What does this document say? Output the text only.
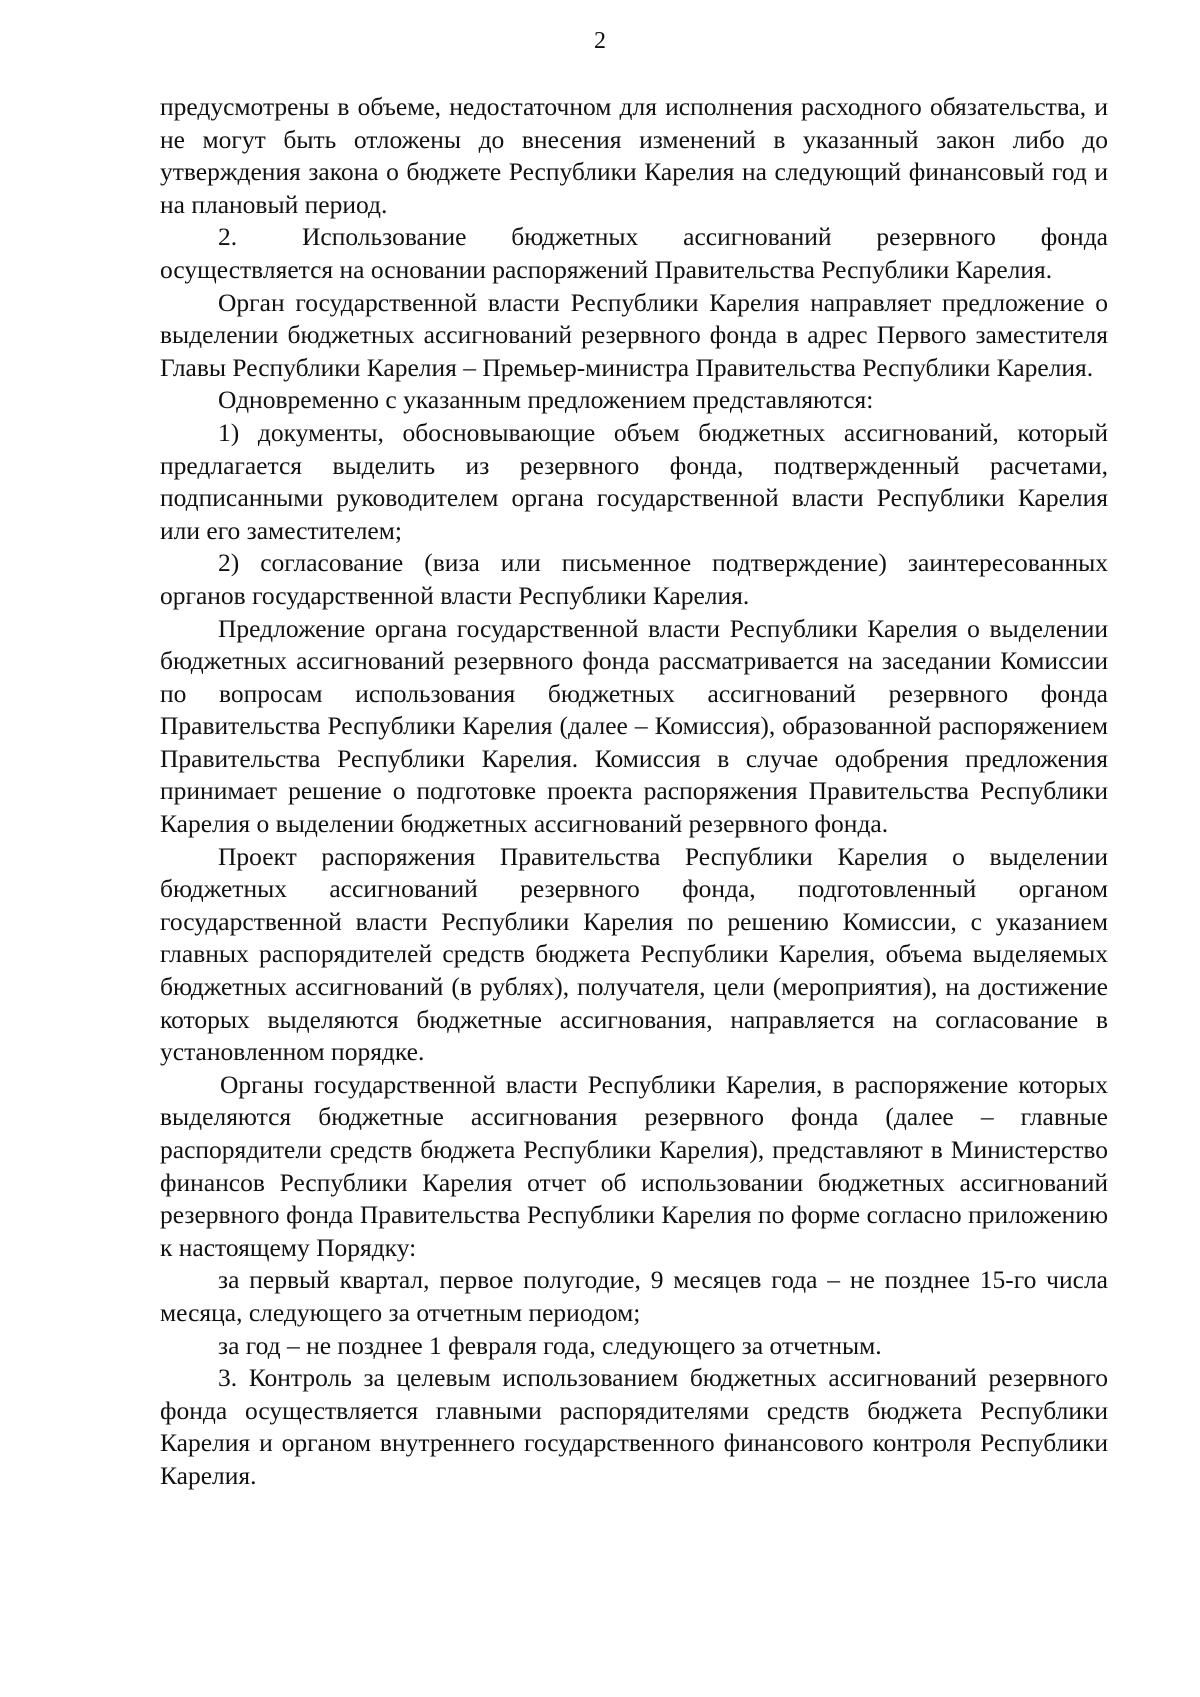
2

предусмотрены в объеме, недостаточном для исполнения расходного обязательства, и не могут быть отложены до внесения изменений в указанный закон либо до утверждения закона о бюджете Республики Карелия на следующий финансовый год и на плановый период.

2.	Использование бюджетных ассигнований резервного фонда осуществляется на основании распоряжений Правительства Республики Карелия.

Орган государственной власти Республики Карелия направляет предложение о выделении бюджетных ассигнований резервного фонда в адрес Первого заместителя Главы Республики Карелия – Премьер-министра Правительства Республики Карелия.

Одновременно с указанным предложением представляются:

1) документы, обосновывающие объем бюджетных ассигнований, который предлагается выделить из резервного фонда, подтвержденный расчетами, подписанными руководителем органа государственной власти Республики Карелия или его заместителем;

2) согласование (виза или письменное подтверждение) заинтересованных органов государственной власти Республики Карелия.

Предложение органа государственной власти Республики Карелия о выделении бюджетных ассигнований резервного фонда рассматривается на заседании Комиссии по вопросам использования бюджетных ассигнований резервного фонда Правительства Республики Карелия (далее – Комиссия), образованной распоряжением Правительства Республики Карелия. Комиссия в случае одобрения предложения принимает решение о подготовке проекта распоряжения Правительства Республики Карелия о выделении бюджетных ассигнований резервного фонда.

Проект распоряжения Правительства Республики Карелия о выделении бюджетных ассигнований резервного фонда, подготовленный органом государственной власти Республики Карелия по решению Комиссии, с указанием главных распорядителей средств бюджета Республики Карелия, объема выделяемых бюджетных ассигнований (в рублях), получателя, цели (мероприятия), на достижение которых выделяются бюджетные ассигнования, направляется на согласование в установленном порядке.

Органы государственной власти Республики Карелия, в распоряжение которых выделяются бюджетные ассигнования резервного фонда (далее – главные распорядители средств бюджета Республики Карелия), представляют в Министерство финансов Республики Карелия отчет об использовании бюджетных ассигнований резервного фонда Правительства Республики Карелия по форме согласно приложению к настоящему Порядку:

за первый квартал, первое полугодие, 9 месяцев года – не позднее 15-го числа месяца, следующего за отчетным периодом;

за год – не позднее 1 февраля года, следующего за отчетным.

3. Контроль за целевым использованием бюджетных ассигнований резервного фонда осуществляется главными распорядителями средств бюджета Республики Карелия и органом внутреннего государственного финансового контроля Республики Карелия.
